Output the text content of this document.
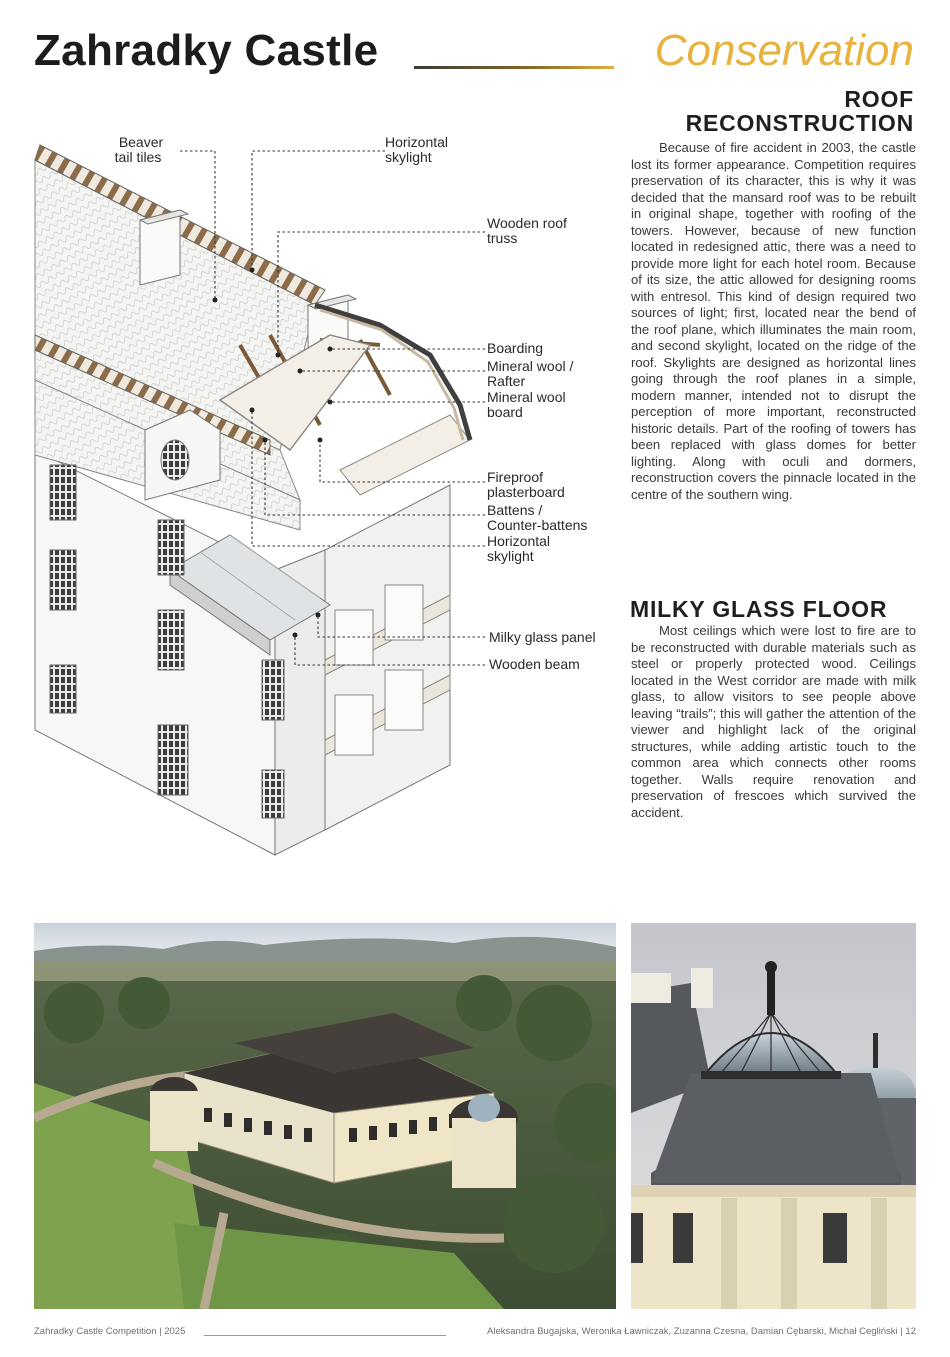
Zahradky Castle	Conservation
ROOF
RECONSTRUCTION

Because of fire accident in 2003, the castle lost its former appearance. Competition requires preservation of its character, this is why it was decided that the mansard roof was to be rebuilt in original shape, together with roofing of the towers. However, because of new function located in redesigned attic, there was a need to provide more light for each hotel room. Because of its size, the attic allowed for designing rooms with entresol. This kind of design required two sources of light; first, located near the bend of the roof plane, which illuminates the main room, and second skylight, located on the ridge of the roof. Skylights are designed as horizontal lines going through the roof planes in a simple, modern manner, intended not to disrupt the perception of more important, reconstructed historic details. Part of the roofing of towers has been replaced with glass domes for better lighting. Along with oculi and dormers, reconstruction covers the pinnacle located in the centre of the southern wing.

MILKY GLASS FLOOR

Most ceilings which were lost to fire are to be reconstructed with durable materials such as steel or properly protected wood. Ceilings located in the West corridor are made with milk glass, to allow visitors to see people above leaving “trails”; this will gather the attention of the viewer and highlight lack of the original structures, while adding artistic touch to the common area which connects other rooms together. Walls require renovation and preservation of frescoes which survived the accident.

Beaver
tail tiles
Horizontal
skylight
Wooden roof
truss
Boarding
Mineral wool /
Rafter
Mineral wool
board
Fireproof
plasterboard
Battens /
Counter-battens
Horizontal
skylight
Milky glass panel
Wooden beam
Zahradky Castle Competition | 2025	Aleksandra Bugajska, Weronika Ławniczak, Zuzanna Czesna, Damian Cębarski, Michał Cegliński | 12
